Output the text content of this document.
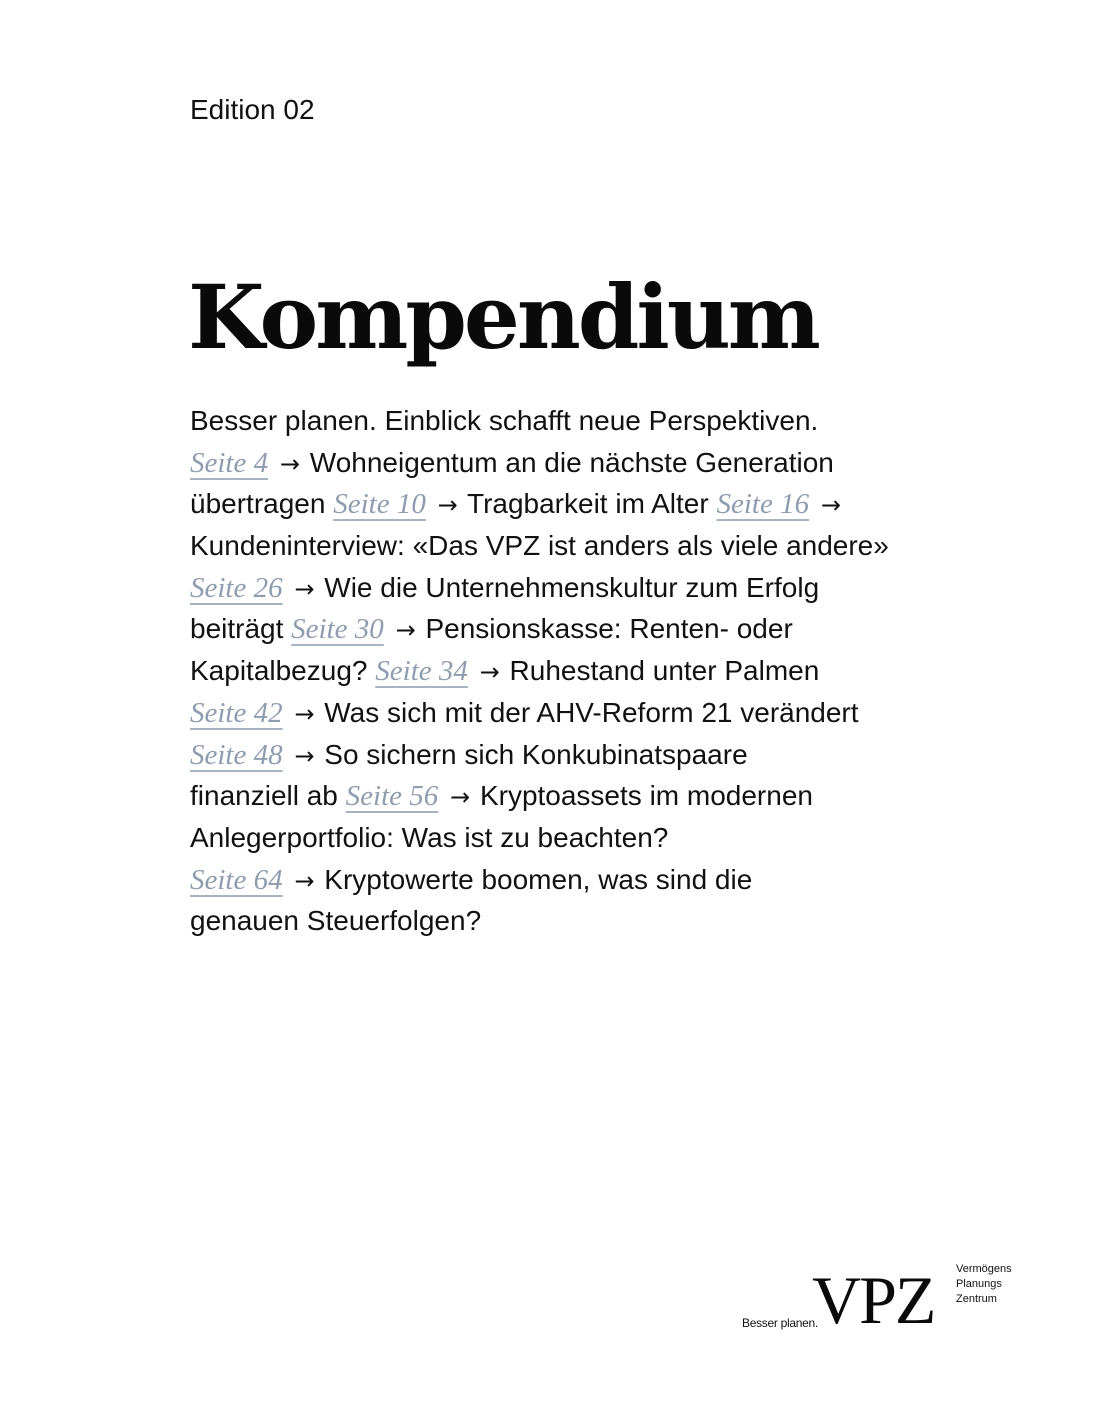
Edition 02
Kompendium
Besser planen. Einblick schafft neue Perspektiven.
Seite 4 → Wohneigentum an die nächste Generation
übertragen Seite 10 → Tragbarkeit im Alter Seite 16 →
Kundeninterview: «Das VPZ ist anders als viele andere»
Seite 26 → Wie die Unternehmenskultur zum Erfolg
beiträgt Seite 30 → Pensionskasse: Renten- oder
Kapitalbezug? Seite 34 → Ruhestand unter Palmen
Seite 42 → Was sich mit der AHV-Reform 21 verändert
Seite 48 → So sichern sich Konkubinatspaare
finanziell ab Seite 56 → Kryptoassets im modernen
Anlegerportfolio: Was ist zu beachten?
Seite 64 → Kryptowerte boomen, was sind die
genauen Steuerfolgen?
Besser planen.
VPZ Vermögens
Planungs
Zentrum
